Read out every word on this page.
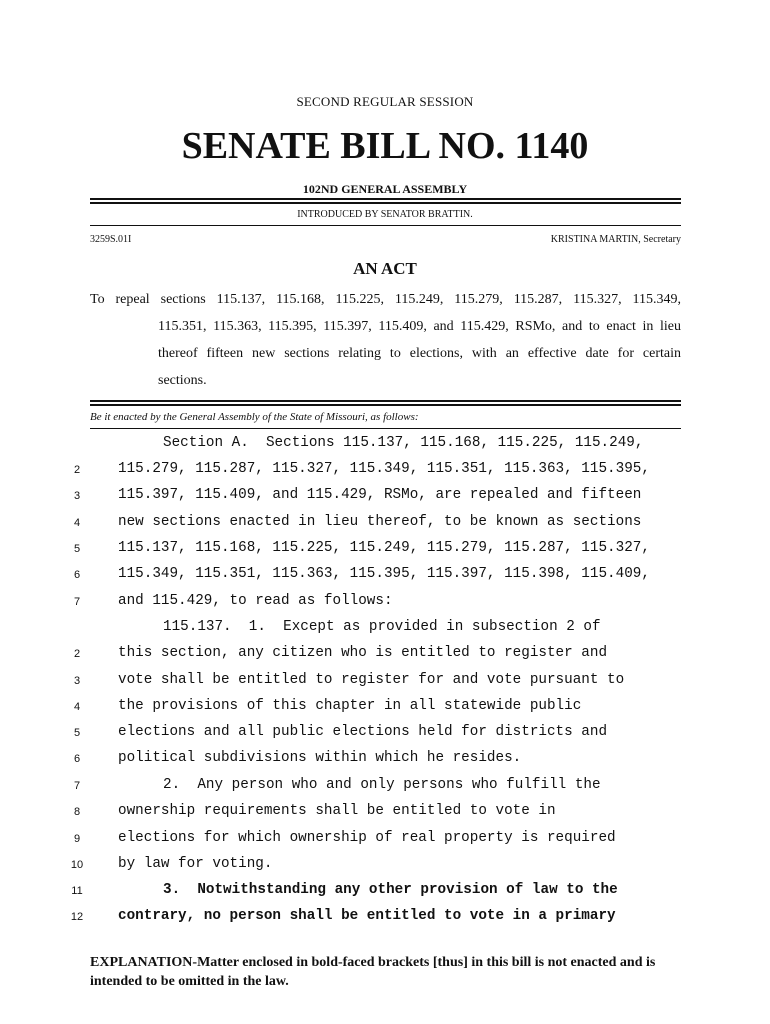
SECOND REGULAR SESSION
SENATE BILL NO. 1140
102ND GENERAL ASSEMBLY
INTRODUCED BY SENATOR BRATTIN.
3259S.01I	KRISTINA MARTIN, Secretary
AN ACT
To repeal sections 115.137, 115.168, 115.225, 115.249, 115.279, 115.287, 115.327, 115.349,
115.351, 115.363, 115.395, 115.397, 115.409, and 115.429, RSMo, and to enact in lieu
thereof fifteen new sections relating to elections, with an effective date for certain
sections.
Be it enacted by the General Assembly of the State of Missouri, as follows:
Section A.  Sections 115.137, 115.168, 115.225, 115.249,
2	115.279, 115.287, 115.327, 115.349, 115.351, 115.363, 115.395,
3	115.397, 115.409, and 115.429, RSMo, are repealed and fifteen
4	new sections enacted in lieu thereof, to be known as sections
5	115.137, 115.168, 115.225, 115.249, 115.279, 115.287, 115.327,
6	115.349, 115.351, 115.363, 115.395, 115.397, 115.398, 115.409,
7	and 115.429, to read as follows:
115.137.  1.  Except as provided in subsection 2 of
2	this section, any citizen who is entitled to register and
3	vote shall be entitled to register for and vote pursuant to
4	the provisions of this chapter in all statewide public
5	elections and all public elections held for districts and
6	political subdivisions within which he resides.
7	2.  Any person who and only persons who fulfill the
8	ownership requirements shall be entitled to vote in
9	elections for which ownership of real property is required
10	by law for voting.
11	3.  Notwithstanding any other provision of law to the
12	contrary, no person shall be entitled to vote in a primary
EXPLANATION-Matter enclosed in bold-faced brackets [thus] in this bill is not enacted and is intended to be omitted in the law.
